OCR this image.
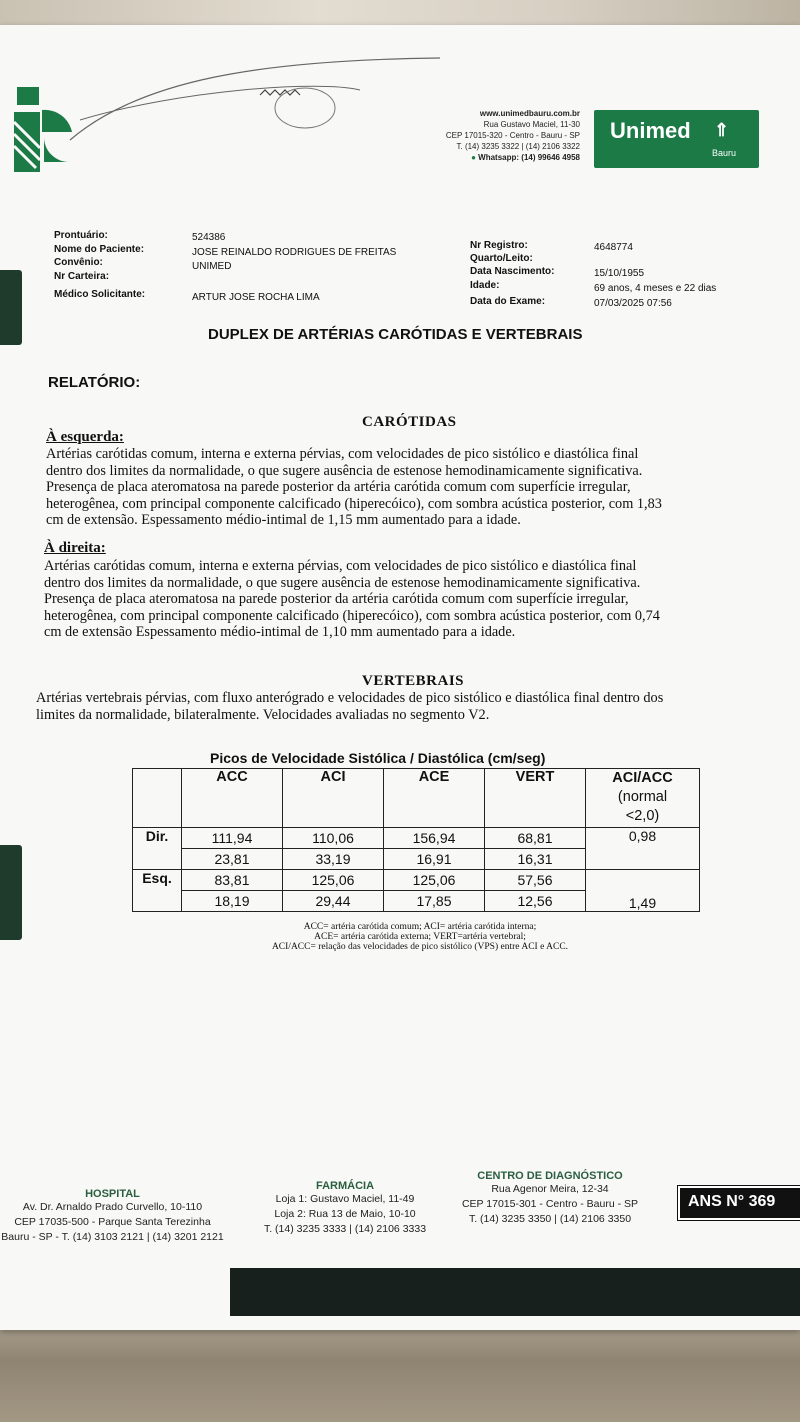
www.unimedbauru.com.br
Rua Gustavo Maciel, 11-30
CEP 17015-320 - Centro - Bauru - SP
T. (14) 3235 3322 | (14) 2106 3322
● Whatsapp: (14) 99646 4958
Unimed ⇑
Bauru
Prontuário:	524386
Nome do Paciente:	JOSE REINALDO RODRIGUES DE FREITAS
Convênio:	UNIMED
Nr Carteira:
Médico Solicitante:	ARTUR JOSE ROCHA LIMA
Nr Registro:	4648774
Quarto/Leito:
Data Nascimento:	15/10/1955
Idade:	69 anos, 4 meses e 22 dias
Data do Exame:	07/03/2025 07:56
DUPLEX DE ARTÉRIAS CARÓTIDAS E VERTEBRAIS
RELATÓRIO:
CARÓTIDAS
À esquerda:
Artérias carótidas comum, interna e externa pérvias, com velocidades de pico sistólico e diastólica final
dentro dos limites da normalidade, o que sugere ausência de estenose hemodinamicamente significativa.
Presença de placa ateromatosa na parede posterior da artéria carótida comum com superfície irregular,
heterogênea, com principal componente calcificado (hiperecóico), com sombra acústica posterior, com 1,83
cm de extensão. Espessamento médio-intimal de 1,15 mm aumentado para a idade.
À direita:
Artérias carótidas comum, interna e externa pérvias, com velocidades de pico sistólico e diastólica final
dentro dos limites da normalidade, o que sugere ausência de estenose hemodinamicamente significativa.
Presença de placa ateromatosa na parede posterior da artéria carótida comum com superfície irregular,
heterogênea, com principal componente calcificado (hiperecóico), com sombra acústica posterior, com 0,74
cm de extensão Espessamento médio-intimal de 1,10 mm aumentado para a idade.
VERTEBRAIS
Artérias vertebrais pérvias, com fluxo anterógrado e velocidades de pico sistólico e diastólica final dentro dos
limites da normalidade, bilateralmente. Velocidades avaliadas no segmento V2.
Picos de Velocidade Sistólica / Diastólica (cm/seg)
	ACC	ACI	ACE	VERT	ACI/ACC
(normal
<2,0)

Dir.	111,94	110,06	156,94	68,81	0,98
	23,81	33,19	16,91	16,31	
Esq.	83,81	125,06	125,06	57,56	1,49
	18,19	29,44	17,85	12,56	
ACC= artéria carótida comum; ACI= artéria carótida interna;
ACE= artéria carótida externa; VERT=artéria vertebral;
ACI/ACC= relação das velocidades de pico sistólico (VPS) entre ACI e ACC.
HOSPITAL
Av. Dr. Arnaldo Prado Curvello, 10-110
CEP 17035-500 - Parque Santa Terezinha
Bauru - SP - T. (14) 3103 2121 | (14) 3201 2121
FARMÁCIA
Loja 1: Gustavo Maciel, 11-49
Loja 2: Rua 13 de Maio, 10-10
T. (14) 3235 3333 | (14) 2106 3333
CENTRO DE DIAGNÓSTICO
Rua Agenor Meira, 12-34
CEP 17015-301 - Centro - Bauru - SP
T. (14) 3235 3350 | (14) 2106 3350
ANS N° 369
